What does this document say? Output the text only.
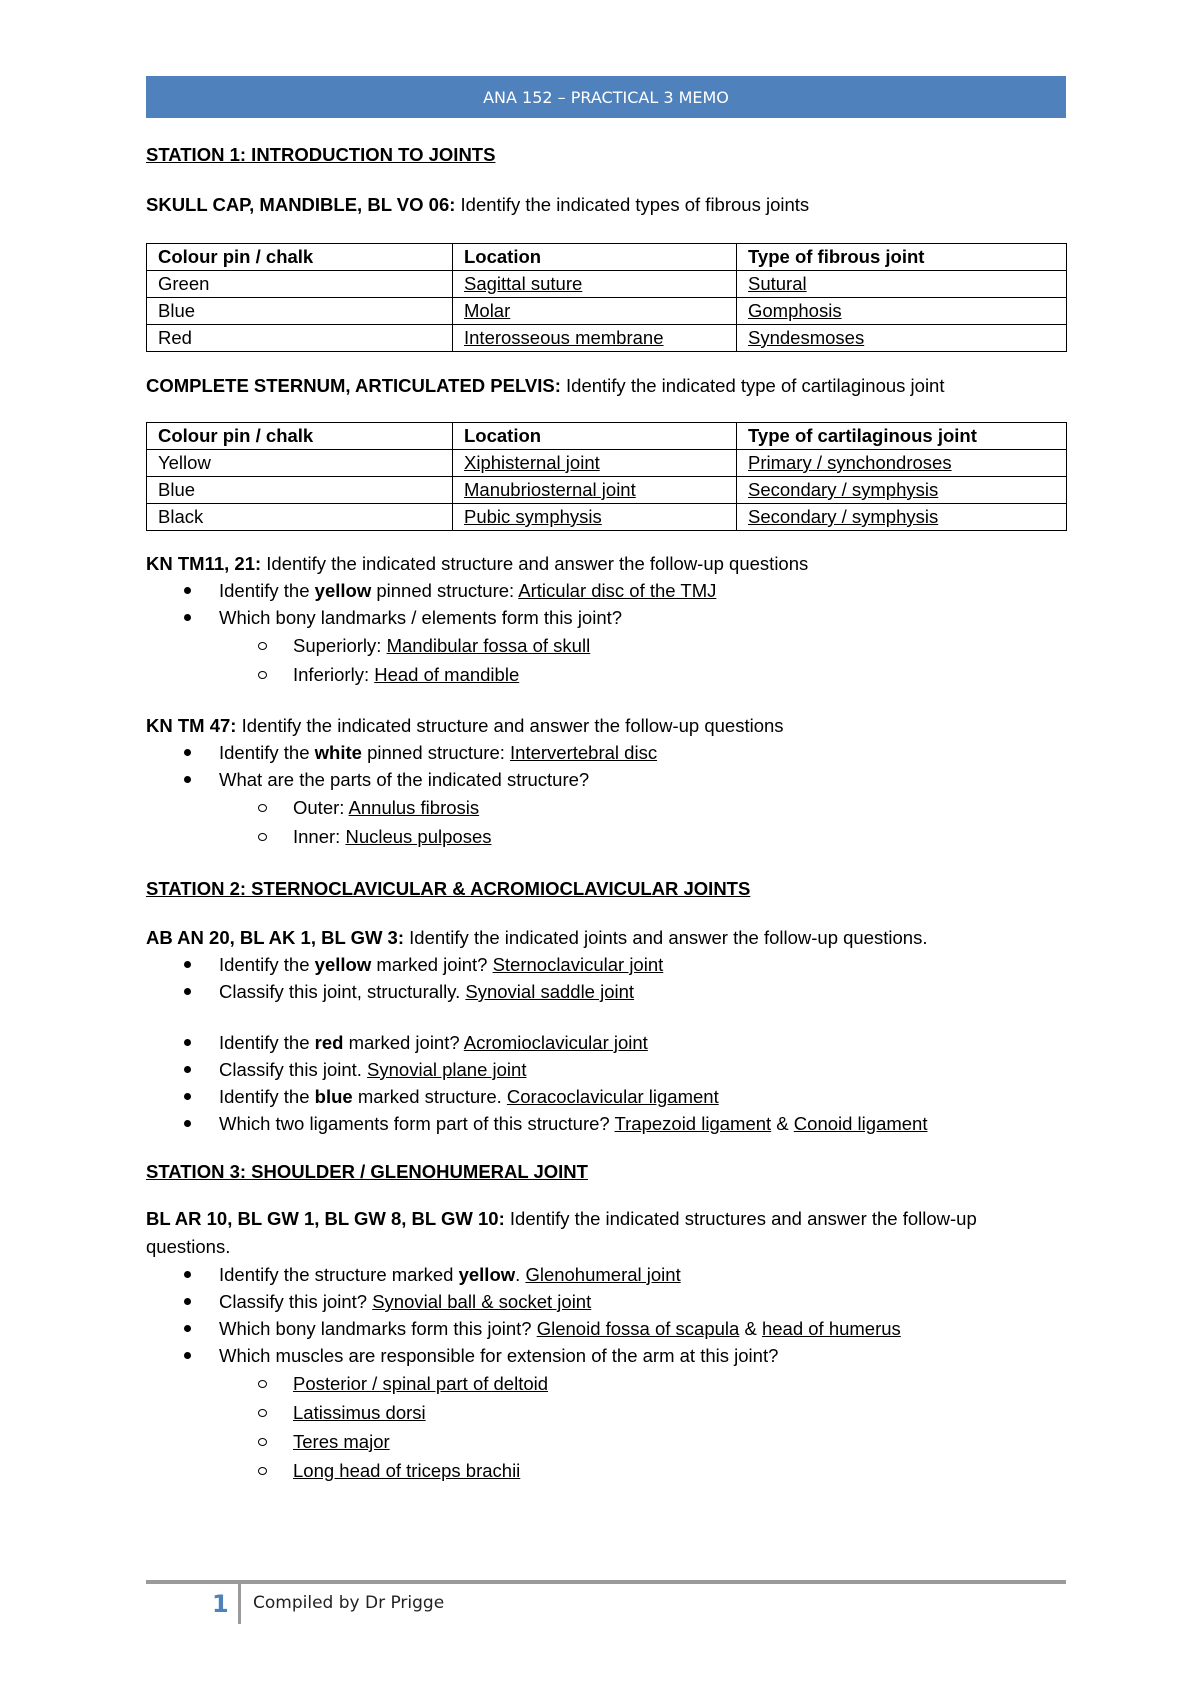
ANA 152 – PRACTICAL 3 MEMO
STATION 1: INTRODUCTION TO JOINTS
SKULL CAP, MANDIBLE, BL VO 06: Identify the indicated types of fibrous joints
Colour pin / chalk	Location	Type of fibrous joint
Green	Sagittal suture	Sutural
Blue	Molar	Gomphosis
Red	Interosseous membrane	Syndesmoses
COMPLETE STERNUM, ARTICULATED PELVIS: Identify the indicated type of cartilaginous joint
Colour pin / chalk	Location	Type of cartilaginous joint
Yellow	Xiphisternal joint	Primary / synchondroses
Blue	Manubriosternal joint	Secondary / symphysis
Black	Pubic symphysis	Secondary / symphysis
KN TM11, 21: Identify the indicated structure and answer the follow-up questions
Identify the yellow pinned structure: Articular disc of the TMJ
Which bony landmarks / elements form this joint?
Superiorly: Mandibular fossa of skull
Inferiorly: Head of mandible
KN TM 47: Identify the indicated structure and answer the follow-up questions
Identify the white pinned structure: Intervertebral disc
What are the parts of the indicated structure?
Outer: Annulus fibrosis
Inner: Nucleus pulposes
STATION 2: STERNOCLAVICULAR & ACROMIOCLAVICULAR JOINTS
AB AN 20, BL AK 1, BL GW 3: Identify the indicated joints and answer the follow-up questions.
Identify the yellow marked joint? Sternoclavicular joint
Classify this joint, structurally. Synovial saddle joint
Identify the red marked joint? Acromioclavicular joint
Classify this joint. Synovial plane joint
Identify the blue marked structure. Coracoclavicular ligament
Which two ligaments form part of this structure? Trapezoid ligament & Conoid ligament
STATION 3: SHOULDER / GLENOHUMERAL JOINT
BL AR 10, BL GW 1, BL GW 8, BL GW 10: Identify the indicated structures and answer the follow-up questions.
Identify the structure marked yellow. Glenohumeral joint
Classify this joint? Synovial ball & socket joint
Which bony landmarks form this joint? Glenoid fossa of scapula & head of humerus
Which muscles are responsible for extension of the arm at this joint?
Posterior / spinal part of deltoid
Latissimus dorsi
Teres major
Long head of triceps brachii
1 Compiled by Dr Prigge
